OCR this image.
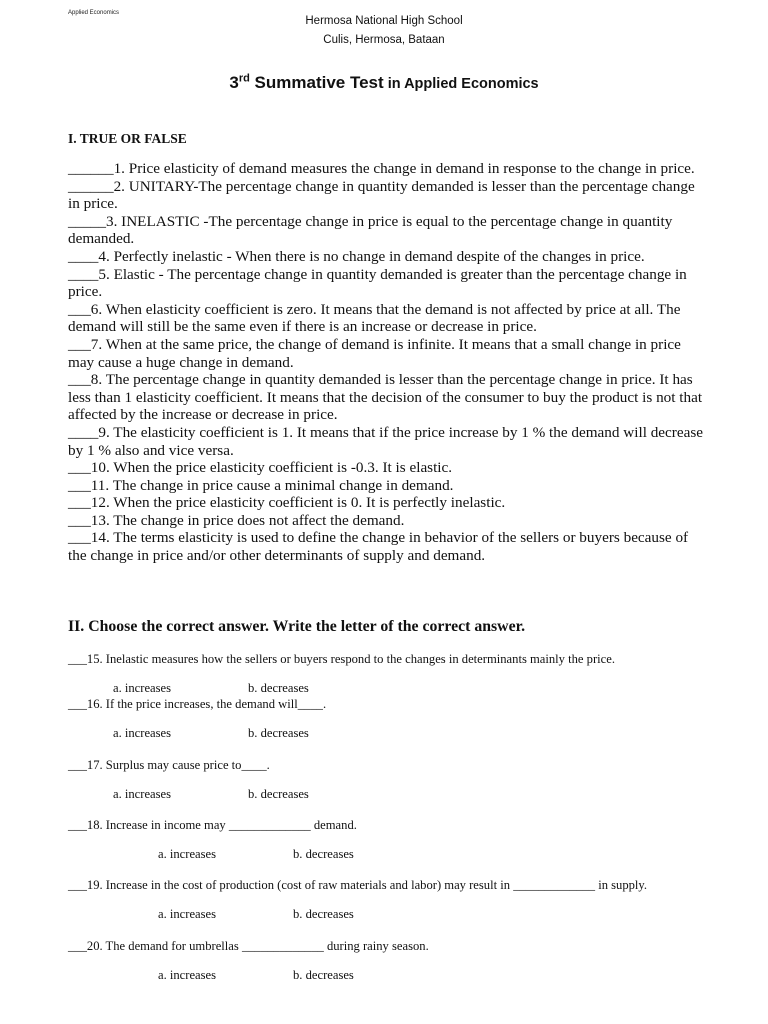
Applied Economics
Hermosa National High School
Culis, Hermosa, Bataan
3rd Summative Test in Applied Economics
I. TRUE OR FALSE

______1. Price elasticity of demand measures the change in demand in response to the change in price.

______2. UNITARY-The percentage change in quantity demanded is lesser than the percentage change in price.

_____3. INELASTIC -The percentage change in price is equal to the percentage change in quantity demanded.

____4. Perfectly inelastic - When there is no change in demand despite of the changes in price.

____5. Elastic - The percentage change in quantity demanded is greater than the percentage change in price.

___6. When elasticity coefficient is zero. It means that the demand is not affected by price at all. The demand will still be the same even if there is an increase or decrease in price.

___7. When at the same price, the change of demand is infinite. It means that a small change in price may cause a huge change in demand.

___8. The percentage change in quantity demanded is lesser than the percentage change in price. It has less than 1 elasticity coefficient. It means that the decision of the consumer to buy the product is not that affected by the increase or decrease in price.

____9. The elasticity coefficient is 1. It means that if the price increase by 1 % the demand will decrease by 1 % also and vice versa.

___10. When the price elasticity coefficient is -0.3. It is elastic.

___11. The change in price cause a minimal change in demand.

___12. When the price elasticity coefficient is 0. It is perfectly inelastic.

___13. The change in price does not affect the demand.

___14. The terms elasticity is used to define the change in behavior of the sellers or buyers because of the change in price and/or other determinants of supply and demand.

II. Choose the correct answer. Write the letter of the correct answer.
___15. Inelastic measures how the sellers or buyers respond to the changes in determinants mainly the price.
a. increases	b. decreases
___16. If the price increases, the demand will____.
a. increases	b. decreases
___17. Surplus may cause price to____.
a. increases	b. decreases
___18. Increase in income may _____________ demand.
a. increases	b. decreases
___19. Increase in the cost of production (cost of raw materials and labor) may result in _____________ in supply.
a. increases	b. decreases
___20. The demand for umbrellas _____________ during rainy season.
a. increases	b. decreases
